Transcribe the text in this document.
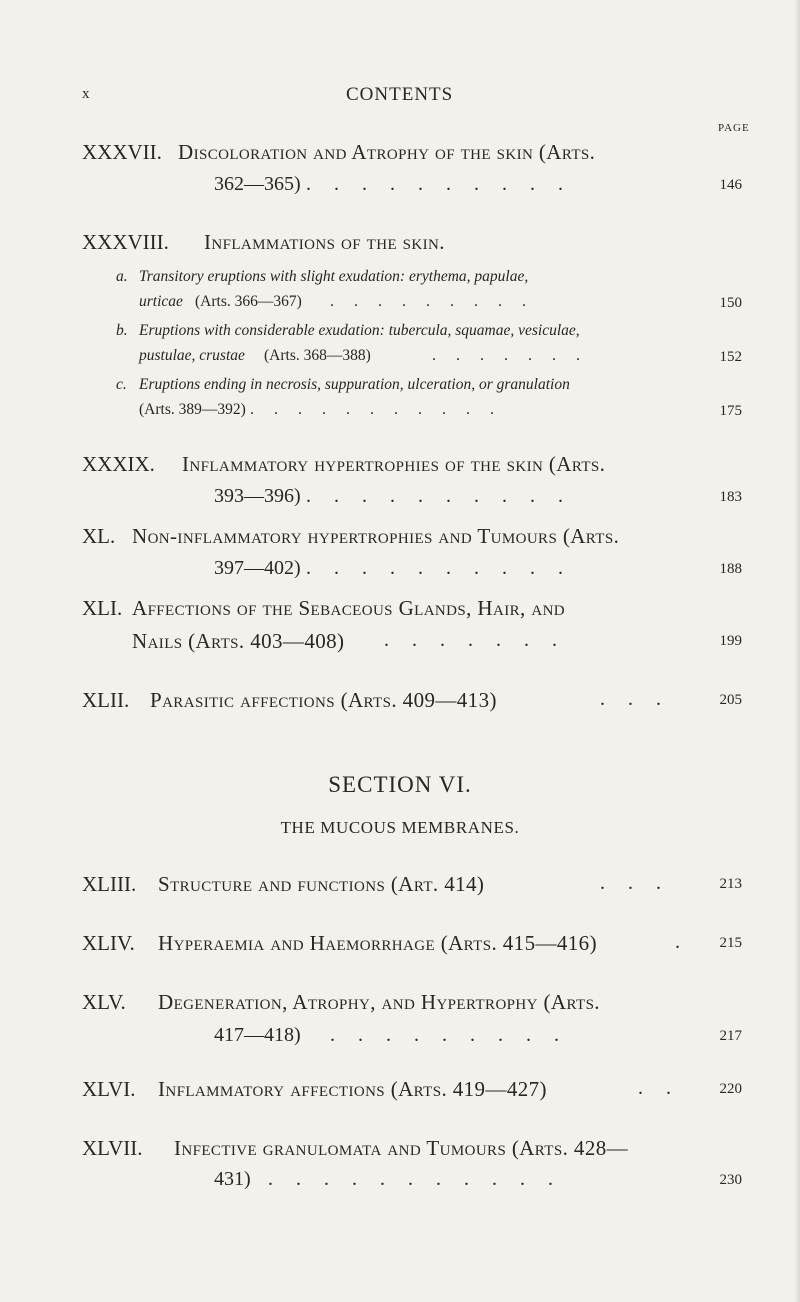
x	CONTENTS
PAGE
XXXVII. Discoloration and Atrophy of the skin (Arts.
362—365) . . . . . . . . . .	146
XXXVIII. Inflammations of the skin.
a. Transitory eruptions with slight exudation: erythema, papulae,
urticae (Arts. 366—367) . . . . . . . . .	150
b. Eruptions with considerable exudation: tubercula, squamae, vesiculae,
pustulae, crustae (Arts. 368—388)	. . . . . . .	152
c. Eruptions ending in necrosis, suppuration, ulceration, or granulation
(Arts. 389—392) . . . . . . . . . . .	175
XXXIX. Inflammatory hypertrophies of the skin (Arts.
393—396) . . . . . . . . . .	183
XL. Non-inflammatory hypertrophies and Tumours (Arts.
397—402) . . . . . . . . . .	188
XLI. Affections of the Sebaceous Glands, Hair, and
Nails (Arts. 403—408) . . . . . . .	199
XLII. Parasitic affections (Arts. 409—413)	. . .	205
SECTION VI.
THE MUCOUS MEMBRANES.
XLIII. Structure and functions (Art. 414)	. . .	213
XLIV. Hyperaemia and Haemorrhage (Arts. 415—416)	.	215
XLV. Degeneration, Atrophy, and Hypertrophy (Arts.
417—418) . . . . . . . . .	217
XLVI. Inflammatory affections (Arts. 419—427)	. .	220
XLVII. Infective granulomata and Tumours (Arts. 428—
431) . . . . . . . . . . .	230
